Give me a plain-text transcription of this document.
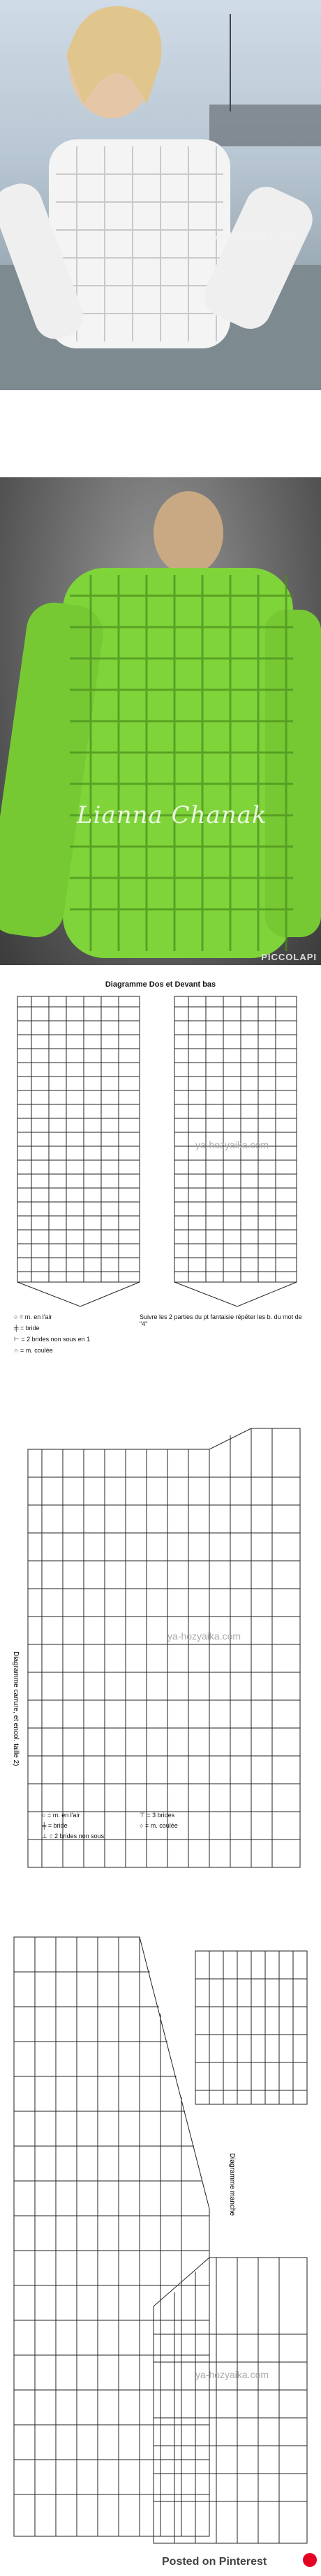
ya-hozyaika.com
Lianna Chanak
PICCOLAPI
Diagramme Dos et Devant bas
ya-hozyaika.com
○ = m. en l'air
╪ = bride
⊢ = 2 brides non sous en 1
∩ = m. coulée
Suivre les 2 parties du pt fantaisie répéter les b. du mot de "4"
Diagramme carrure, et encol. taille 2)
ya-hozyaika.com
○ = m. en l'air
╪ = bride
⊥ = 2 brides non sous
⊤ = 3 brides
○ = m. coulée
Diagramme manche
ya-hozyaika.com
Posted on Pinterest
